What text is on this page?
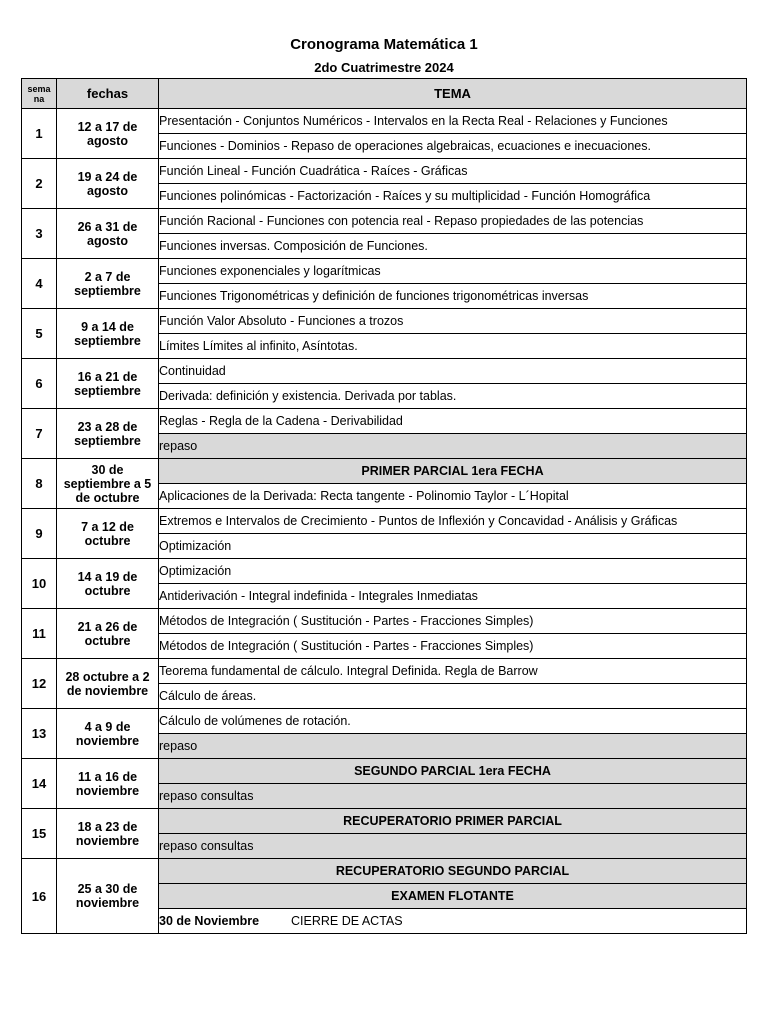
Cronograma Matemática 1
2do Cuatrimestre 2024
sema na	fechas	TEMA
1	12 a 17 de agosto	Presentación - Conjuntos Numéricos - Intervalos en la Recta Real - Relaciones y Funciones
		Funciones - Dominios - Repaso de operaciones algebraicas, ecuaciones e inecuaciones.
2	19 a 24 de agosto	Función Lineal - Función Cuadrática - Raíces - Gráficas
		Funciones polinómicas - Factorización - Raíces y su multiplicidad - Función Homográfica
3	26 a 31 de agosto	Función Racional - Funciones con potencia real - Repaso propiedades de las potencias
		Funciones inversas. Composición de Funciones.
4	2 a 7 de septiembre	Funciones exponenciales y logarítmicas
		Funciones Trigonométricas y definición de funciones trigonométricas inversas
5	9 a 14 de septiembre	Función Valor Absoluto - Funciones a trozos
		Límites Límites al infinito, Asíntotas.
6	16 a 21 de septiembre	Continuidad
		Derivada: definición y existencia. Derivada por tablas.
7	23 a 28 de septiembre	Reglas - Regla de la Cadena - Derivabilidad
		repaso
8	30 de septiembre a 5 de octubre	PRIMER PARCIAL 1era FECHA
		Aplicaciones de la Derivada: Recta tangente - Polinomio Taylor - L´Hopital
9	7 a 12 de octubre	Extremos e Intervalos de Crecimiento - Puntos de Inflexión y Concavidad - Análisis y Gráficas
		Optimización
10	14 a 19 de octubre	Optimización
		Antiderivación - Integral indefinida - Integrales Inmediatas
11	21 a 26 de octubre	Métodos de Integración ( Sustitución - Partes - Fracciones Simples)
		Métodos de Integración ( Sustitución - Partes - Fracciones Simples)
12	28 octubre a 2 de noviembre	Teorema fundamental de cálculo. Integral Definida. Regla de Barrow
		Cálculo de áreas.
13	4 a 9 de noviembre	Cálculo de volúmenes de rotación.
		repaso
14	11 a 16 de noviembre	SEGUNDO PARCIAL 1era FECHA
		repaso consultas
15	18 a 23 de noviembre	RECUPERATORIO PRIMER PARCIAL
		repaso consultas
16	25 a 30 de noviembre	RECUPERATORIO SEGUNDO PARCIAL
		EXAMEN FLOTANTE
		30 de Noviembre CIERRE DE ACTAS
